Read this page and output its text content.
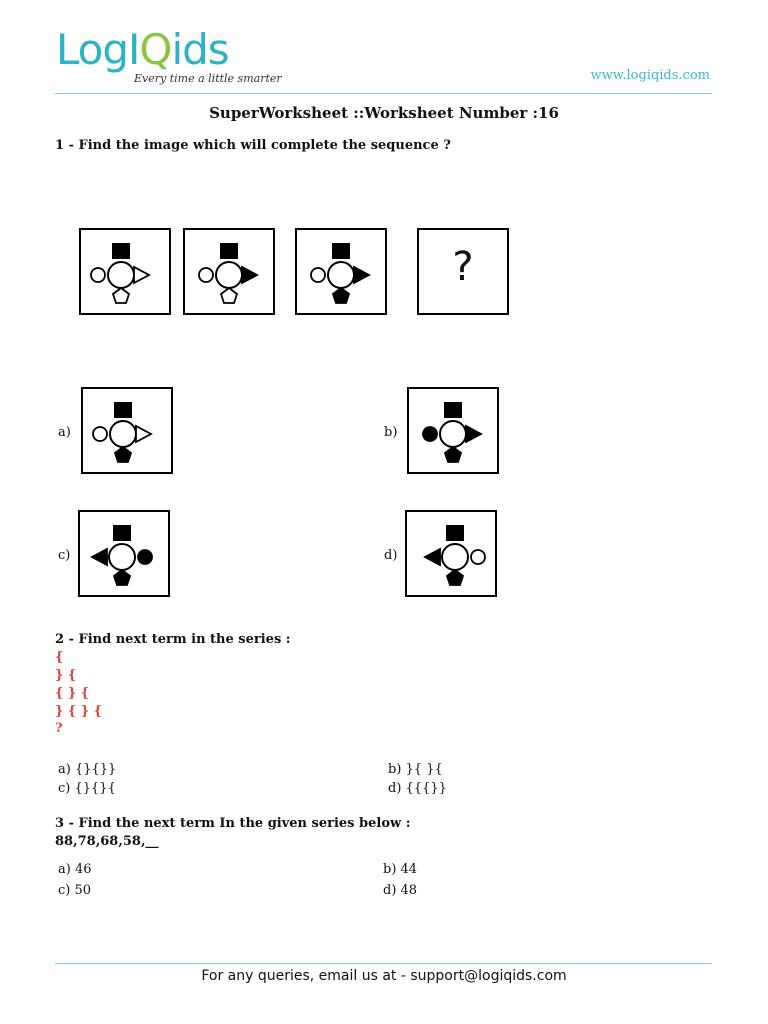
LogIQids
Every time a little smarter	www.logiqids.com
SuperWorksheet ::Worksheet Number :16
1 - Find the image which will complete the sequence ?
?
a)	b)
c)	d)
2 - Find next term in the series :
{
} {
{ } {
} { } {
?
a) {}{}}	b) }{ }{
c) {}{}{	d) {{{}}
3 - Find the next term In the given series below :
88,78,68,58,__
a) 46	b) 44
c) 50	d) 48
For any queries, email us at - support@logiqids.com
